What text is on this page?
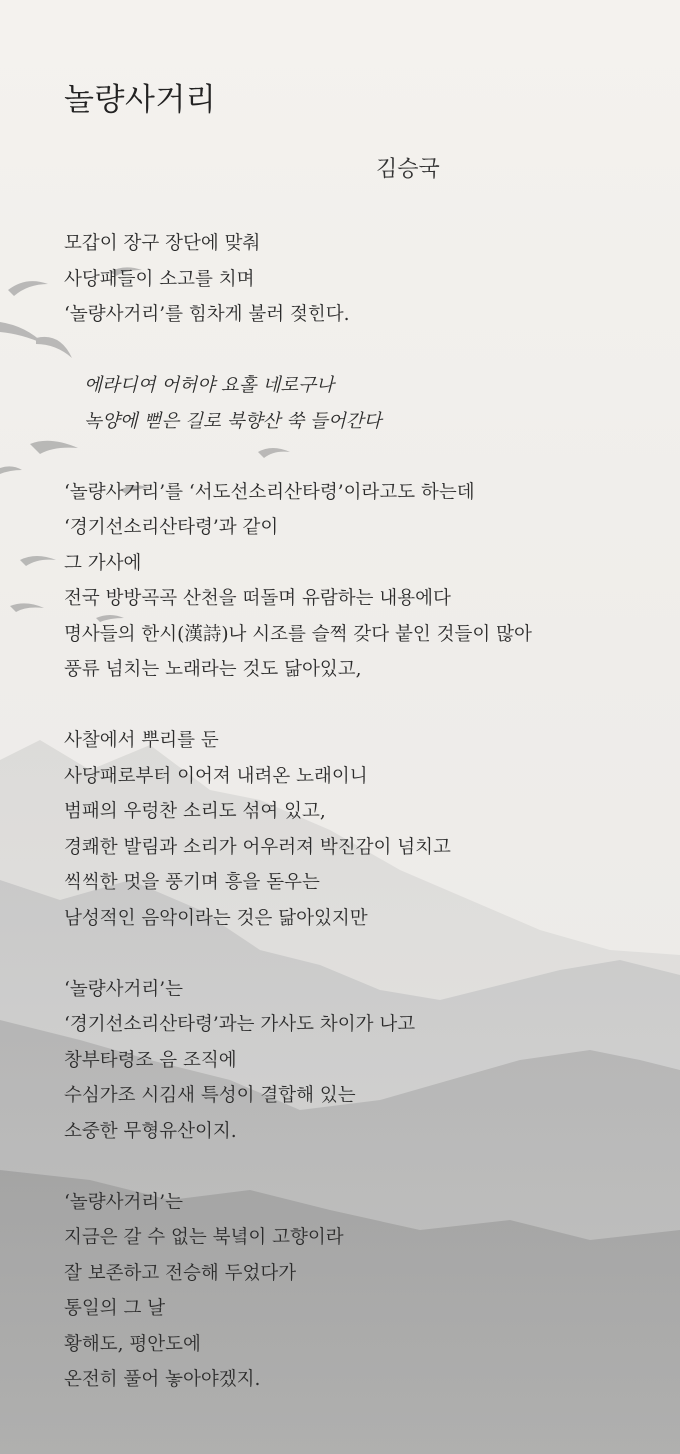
놀량사거리
김승국
모갑이 장구 장단에 맞춰
사당패들이 소고를 치며
‘놀량사거리’를 힘차게 불러 젖힌다.
에라디여 어허야 요홀 네로구나
녹양에 뻗은 길로 북향산 쑥 들어간다
‘놀량사거리’를 ‘서도선소리산타령’이라고도 하는데
‘경기선소리산타령’과 같이
그 가사에
전국 방방곡곡 산천을 떠돌며 유람하는 내용에다
명사들의 한시(漢詩)나 시조를 슬쩍 갖다 붙인 것들이 많아
풍류 넘치는 노래라는 것도 닮아있고,
사찰에서 뿌리를 둔
사당패로부터 이어져 내려온 노래이니
범패의 우렁찬 소리도 섞여 있고,
경쾌한 발림과 소리가 어우러져 박진감이 넘치고
씩씩한 멋을 풍기며 흥을 돋우는
남성적인 음악이라는 것은 닮아있지만
‘놀량사거리’는
‘경기선소리산타령’과는 가사도 차이가 나고
창부타령조 음 조직에
수심가조 시김새 특성이 결합해 있는
소중한 무형유산이지.
‘놀량사거리’는
지금은 갈 수 없는 북녘이 고향이라
잘 보존하고 전승해 두었다가
통일의 그 날
황해도, 평안도에
온전히 풀어 놓아야겠지.
